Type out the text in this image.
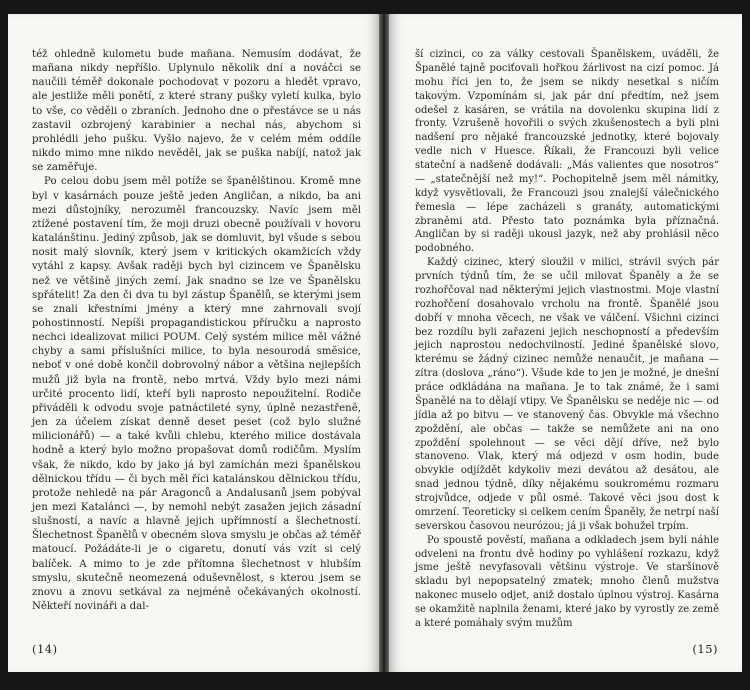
též ohledně kulometu bude mañana. Nemusím dodávat, že mañana nikdy nepříšlo. Uplynulo několik dní a nováčci se naučili téměř dokonale pochodovat v pozoru a hledět vpravo, ale jestliže měli ponětí, z které strany pušky vyletí kulka, bylo to vše, co věděli o zbraních. Jednoho dne o přestávce se u nás zastavil ozbrojený karabinier a nechal nás, abychom si prohlédli jeho pušku. Vyšlo najevo, že v celém mém oddíle nikdo mimo mne nikdo nevěděl, jak se puška nabíjí, natož jak se zaměřuje.

Po celou dobu jsem měl potíže se španělštinou. Kromě mne byl v kasárnách pouze ještě jeden Angličan, a nikdo, ba ani mezi důstojníky, nerozuměl francouzsky. Navíc jsem měl ztížené postavení tím, že moji druzi obecně používali v hovoru katalánštinu. Jediný způsob, jak se domluvit, byl všude s sebou nosit malý slovník, který jsem v kritických okamžicích vždy vytáhl z kapsy. Avšak raději bych byl cizincem ve Španělsku než ve většině jiných zemí. Jak snadno se lze ve Španělsku spřátelit! Za den či dva tu byl zástup Španělů, se kterými jsem se znali křestními jmény a který mne zahrnovali svojí pohostinností. Nepíši propagandistickou příručku a naprosto nechci idealizovat milici POUM. Celý systém milice měl vážné chyby a sami příslušníci milice, to byla nesourodá směsice, neboť v oné době končil dobrovolný nábor a většina nejlepších mužů již byla na frontě, nebo mrtvá. Vždy bylo mezi námi určité procento lidí, kteří byli naprosto nepoužitelní. Rodiče přiváděli k odvodu svoje patnáctileté syny, úplně nezastřeně, jen za účelem získat denně deset peset (což bylo služné milicionářů) — a také kvůli chlebu, kterého milice dostávala hodně a který bylo možno propašovat domů rodičům. Myslím však, že nikdo, kdo by jako já byl zamíchán mezi španělskou dělnickou třídu — či bych měl říci katalánskou dělnickou třídu, protože nehledě na pár Aragonců a Andalusanů jsem pobýval jen mezi Katalánci —, by nemohl nebýt zasažen jejich zásadní slušností, a navíc a hlavně jejich upřímností a šlechetností. Šlechetnost Španělů v obecném slova smyslu je občas až téměř matoucí. Požádáte-li je o cigaretu, donutí vás vzít si celý balíček. A mimo to je zde přítomna šlechetnost v hlubším smyslu, skutečně neomezená oduševnělost, s kterou jsem se znovu a znovu setkával za nejméně očekávaných okolností. Někteří novináři a dal-

(14)

ší cizinci, co za války cestovali Španělskem, uváděli, že Španělé tajně pociťovali hořkou žárlivost na cizí pomoc. Já mohu říci jen to, že jsem se nikdy nesetkal s ničím takovým. Vzpomínám si, jak pár dní předtím, než jsem odešel z kasáren, se vrátila na dovolenku skupina lidí z fronty. Vzrušeně hovořili o svých zkušenostech a byli plni nadšení pro nějaké francouzské jednotky, které bojovaly vedle nich v Huesce. Říkali, že Francouzi byli velice stateční a nadšeně dodávali: „Más valientes que nosotros“ — „statečnější než my!“. Pochopitelně jsem měl námitky, když vysvětlovali, že Francouzi jsou znalejší válečnického řemesla — lépe zacházeli s granáty, automatickými zbraněmi atd. Přesto tato poznámka byla příznačná. Angličan by si raději ukousl jazyk, než aby prohlásil něco podobného.

Každý cizinec, který sloužil v milici, strávil svých pár prvních týdnů tím, že se učil milovat Španěly a že se rozhořčoval nad některými jejich vlastnostmi. Moje vlastní rozhořčení dosahovalo vrcholu na frontě. Španělé jsou dobří v mnoha věcech, ne však ve válčení. Všichni cizinci bez rozdílu byli zařazeni jejich neschopností a především jejich naprostou nedochvilností. Jediné španělské slovo, kterému se žádný cizinec nemůže nenaučit, je mañana — zítra (doslova „ráno“). Všude kde to jen je možné, je dnešní práce odkládána na mañana. Je to tak známé, že i sami Španělé na to dělají vtipy. Ve Španělsku se neděje nic — od jídla až po bitvu — ve stanovený čas. Obvykle má všechno zpoždění, ale občas — takže se nemůžete ani na ono zpoždění spolehnout — se věci dějí dříve, než bylo stanoveno. Vlak, který má odjezd v osm hodin, bude obvykle odjíždět kdykoliv mezi devátou až desátou, ale snad jednou týdně, díky nějakému soukromému rozmaru strojvůdce, odjede v půl osmé. Takové věci jsou dost k omrzení. Teoreticky si celkem cením Španěly, že netrpí naší severskou časovou neurózou; já ji však bohužel trpím.

Po spoustě pověstí, mañana a odkladech jsem byli náhle odveleni na frontu dvě hodiny po vyhlášení rozkazu, když jsme ještě nevyfasovali většinu výstroje. Ve staršinově skladu byl nepopsatelný zmatek; mnoho členů mužstva nakonec muselo odjet, aniž dostalo úplnou výstroj. Kasárna se okamžitě naplnila ženami, které jako by vyrostly ze země a které pomáhaly svým mužům

(15)
